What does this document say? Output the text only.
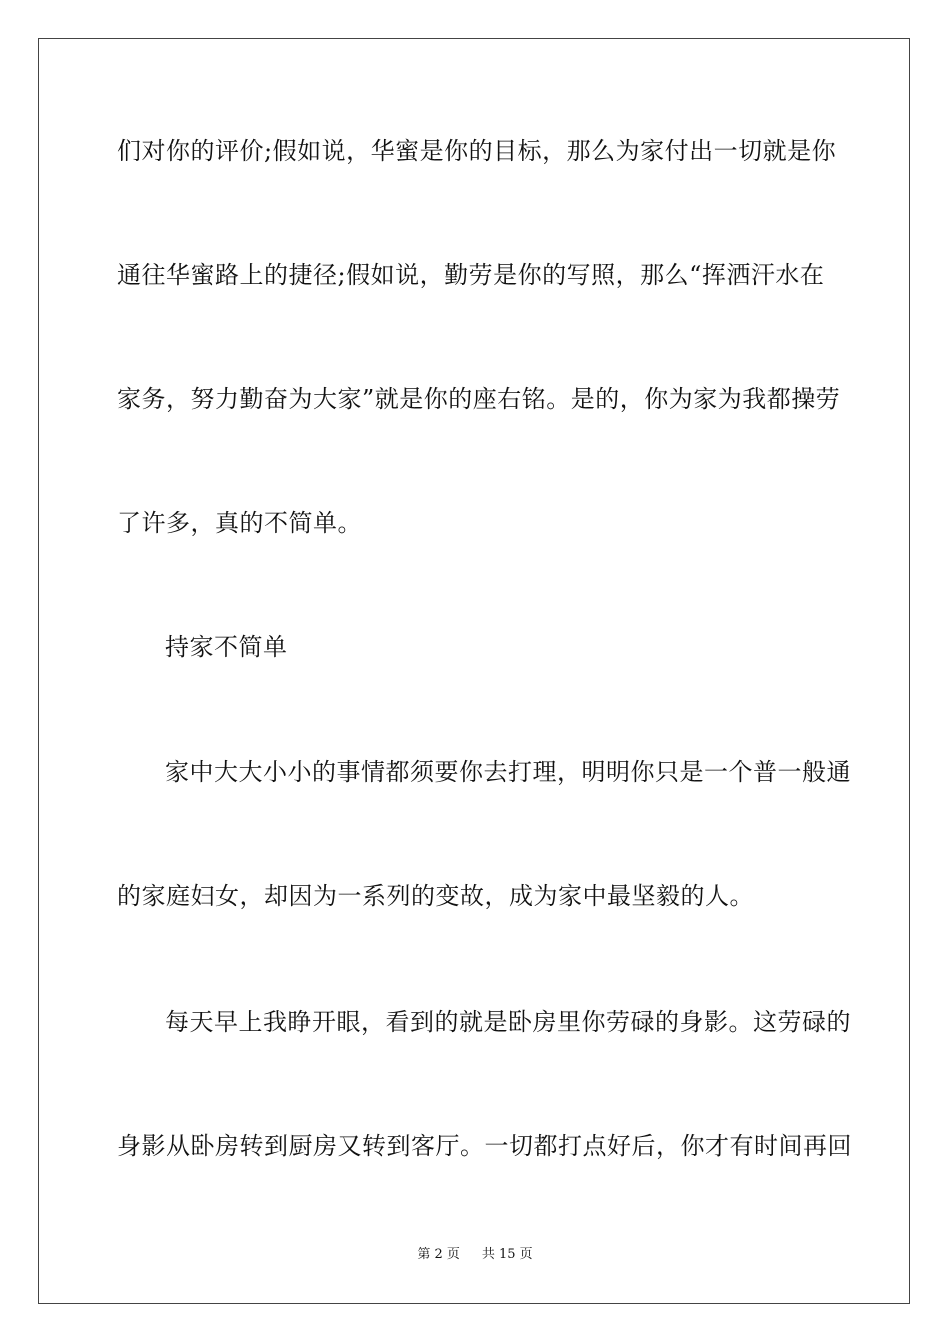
们对你的评价;假如说，华蜜是你的目标，那么为家付出一切就是你
通往华蜜路上的捷径;假如说，勤劳是你的写照，那么“挥洒汗水在
家务，努力勤奋为大家”就是你的座右铭。是的，你为家为我都操劳
了许多，真的不简单。
持家不简单
家中大大小小的事情都须要你去打理，明明你只是一个普一般通
的家庭妇女，却因为一系列的变故，成为家中最坚毅的人。
每天早上我睁开眼，看到的就是卧房里你劳碌的身影。这劳碌的
身影从卧房转到厨房又转到客厅。一切都打点好后，你才有时间再回
第 2 页 共 15 页
